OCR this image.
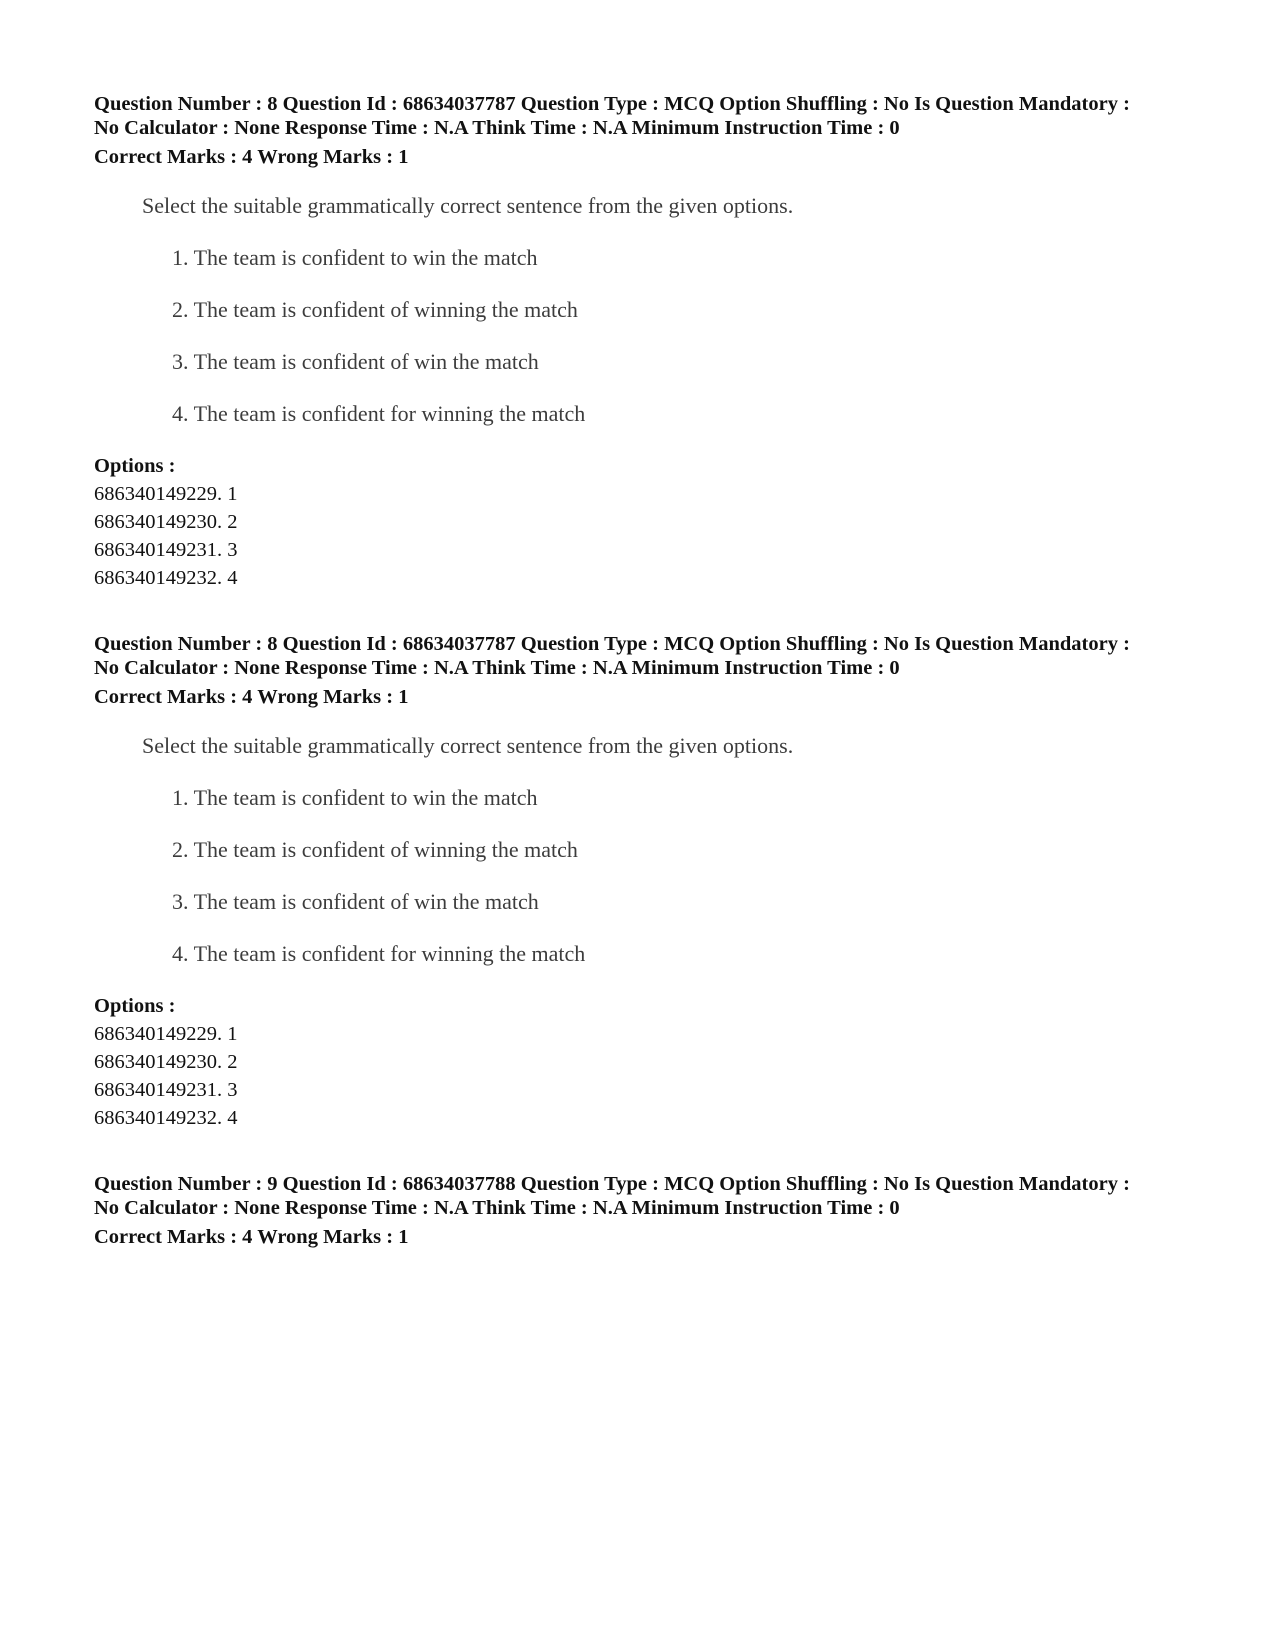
Question Number : 8 Question Id : 68634037787 Question Type : MCQ Option Shuffling : No Is Question Mandatory :

No Calculator : None Response Time : N.A Think Time : N.A Minimum Instruction Time : 0

Correct Marks : 4 Wrong Marks : 1

Select the suitable grammatically correct sentence from the given options.
1. The team is confident to win the match
2. The team is confident of winning the match
3. The team is confident of win the match
4. The team is confident for winning the match
Options :
686340149229. 1
686340149230. 2
686340149231. 3
686340149232. 4

Question Number : 8 Question Id : 68634037787 Question Type : MCQ Option Shuffling : No Is Question Mandatory :

No Calculator : None Response Time : N.A Think Time : N.A Minimum Instruction Time : 0

Correct Marks : 4 Wrong Marks : 1

Select the suitable grammatically correct sentence from the given options.
1. The team is confident to win the match
2. The team is confident of winning the match
3. The team is confident of win the match
4. The team is confident for winning the match
Options :
686340149229. 1
686340149230. 2
686340149231. 3
686340149232. 4

Question Number : 9 Question Id : 68634037788 Question Type : MCQ Option Shuffling : No Is Question Mandatory :

No Calculator : None Response Time : N.A Think Time : N.A Minimum Instruction Time : 0

Correct Marks : 4 Wrong Marks : 1
